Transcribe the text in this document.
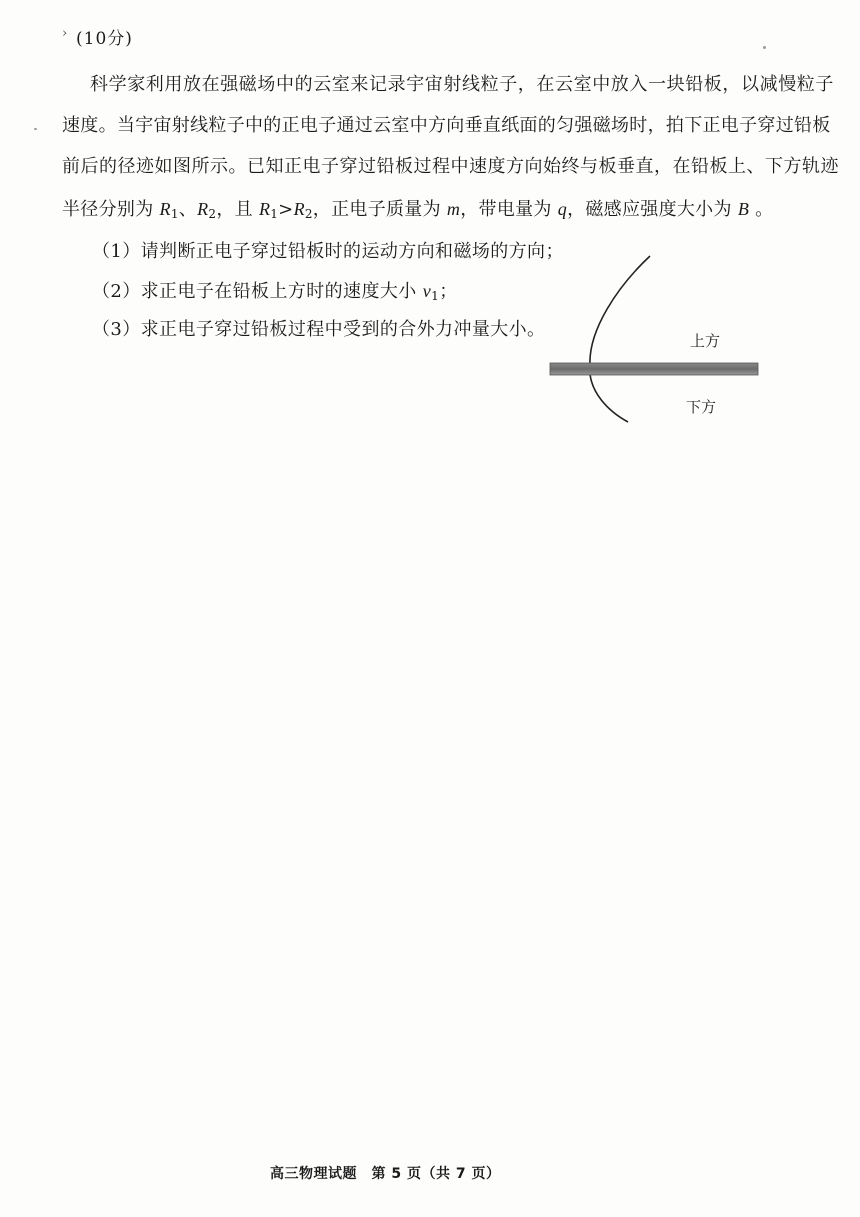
› (10分)
科学家利用放在强磁场中的云室来记录宇宙射线粒子，在云室中放入一块铅板，以减慢粒子
速度。当宇宙射线粒子中的正电子通过云室中方向垂直纸面的匀强磁场时，拍下正电子穿过铅板
前后的径迹如图所示。已知正电子穿过铅板过程中速度方向始终与板垂直，在铅板上、下方轨迹
半径分别为 $R_1$、$R_2$，且 $R_1>R_2$，正电子质量为 m，带电量为 q，磁感应强度大小为 B 。
（1）请判断正电子穿过铅板时的运动方向和磁场的方向；
（2）求正电子在铅板上方时的速度大小 $v_1$；
（3）求正电子穿过铅板过程中受到的合外力冲量大小。
上方
下方
高三物理试题　第 5 页（共 7 页）
